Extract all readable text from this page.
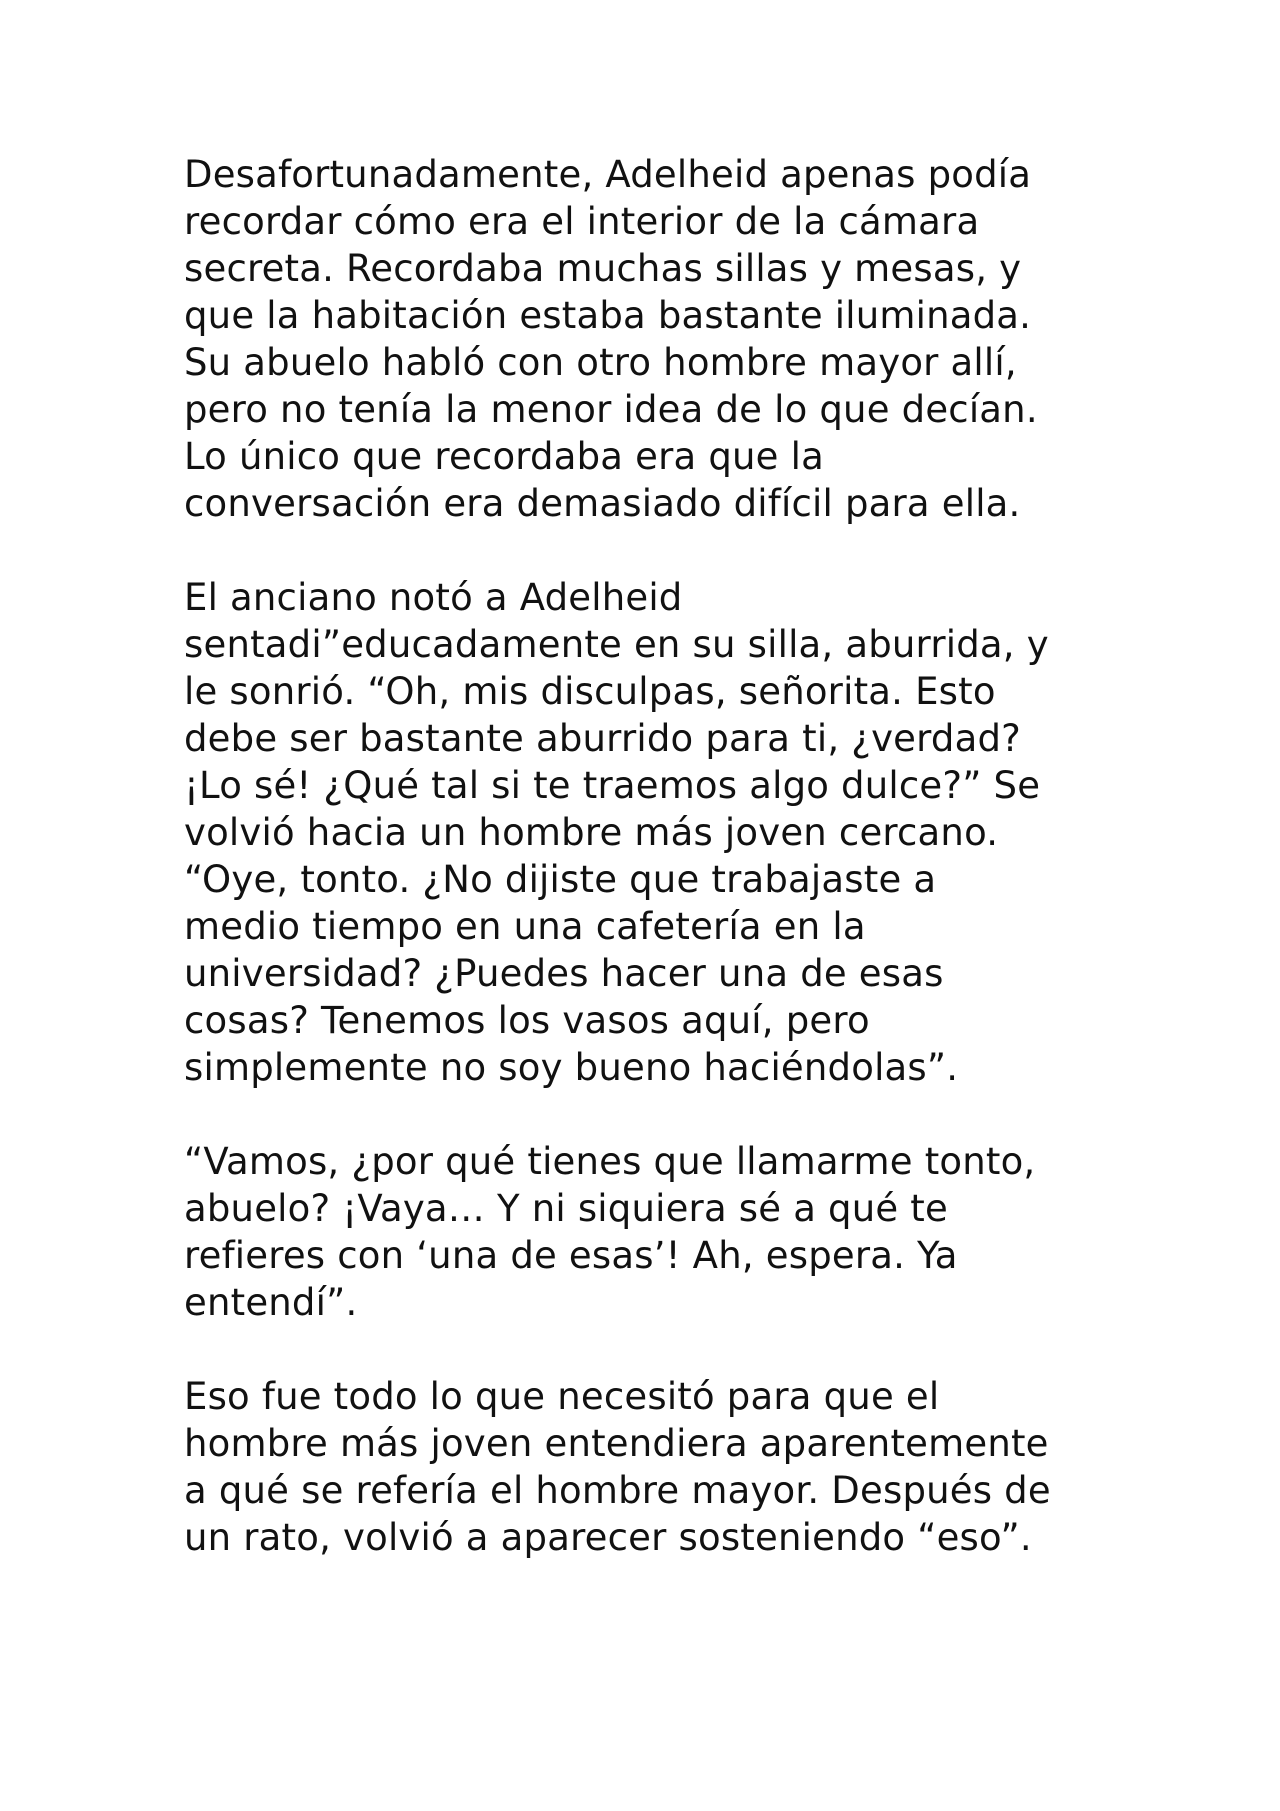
Desafortunadamente, Adelheid apenas podía
recordar cómo era el interior de la cámara
secreta. Recordaba muchas sillas y mesas, y
que la habitación estaba bastante iluminada.
Su abuelo habló con otro hombre mayor allí,
pero no tenía la menor idea de lo que decían.
Lo único que recordaba era que la
conversación era demasiado difícil para ella.

El anciano notó a Adelheid
sentadi”educadamente en su silla, aburrida, y
le sonrió. “Oh, mis disculpas, señorita. Esto
debe ser bastante aburrido para ti, ¿verdad?
¡Lo sé! ¿Qué tal si te traemos algo dulce?” Se
volvió hacia un hombre más joven cercano.
“Oye, tonto. ¿No dijiste que trabajaste a
medio tiempo en una cafetería en la
universidad? ¿Puedes hacer una de esas
cosas? Tenemos los vasos aquí, pero
simplemente no soy bueno haciéndolas”.

“Vamos, ¿por qué tienes que llamarme tonto,
abuelo? ¡Vaya… Y ni siquiera sé a qué te
refieres con ‘una de esas’! Ah, espera. Ya
entendí”.

Eso fue todo lo que necesitó para que el
hombre más joven entendiera aparentemente
a qué se refería el hombre mayor. Después de
un rato, volvió a aparecer sosteniendo “eso”.
